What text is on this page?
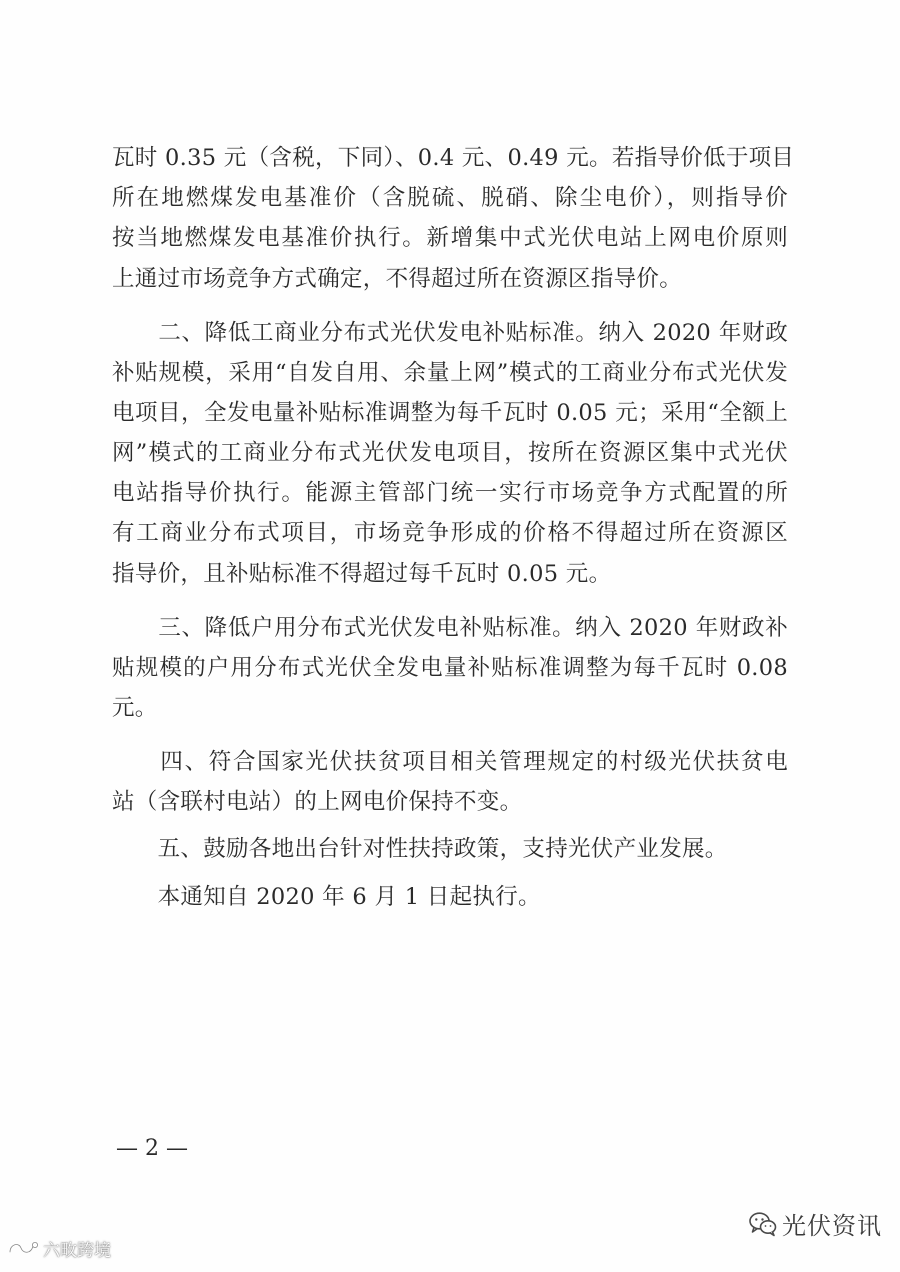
瓦时 0.35 元（含税，下同）、0.4 元、0.49 元。若指导价低于项目
所在地燃煤发电基准价（含脱硫、脱硝、除尘电价），则指导价
按当地燃煤发电基准价执行。新增集中式光伏电站上网电价原则
上通过市场竞争方式确定，不得超过所在资源区指导价。
　　二、降低工商业分布式光伏发电补贴标准。纳入 2020 年财政
补贴规模，采用“自发自用、余量上网”模式的工商业分布式光伏发
电项目，全发电量补贴标准调整为每千瓦时 0.05 元；采用“全额上
网”模式的工商业分布式光伏发电项目，按所在资源区集中式光伏
电站指导价执行。能源主管部门统一实行市场竞争方式配置的所
有工商业分布式项目，市场竞争形成的价格不得超过所在资源区
指导价，且补贴标准不得超过每千瓦时 0.05 元。
　　三、降低户用分布式光伏发电补贴标准。纳入 2020 年财政补
贴规模的户用分布式光伏全发电量补贴标准调整为每千瓦时 0.08
元。
　　四、符合国家光伏扶贫项目相关管理规定的村级光伏扶贫电
站（含联村电站）的上网电价保持不变。
　　五、鼓励各地出台针对性扶持政策，支持光伏产业发展。
　　本通知自 2020 年 6 月 1 日起执行。
— 2 —
光伏资讯
六畋跨境
